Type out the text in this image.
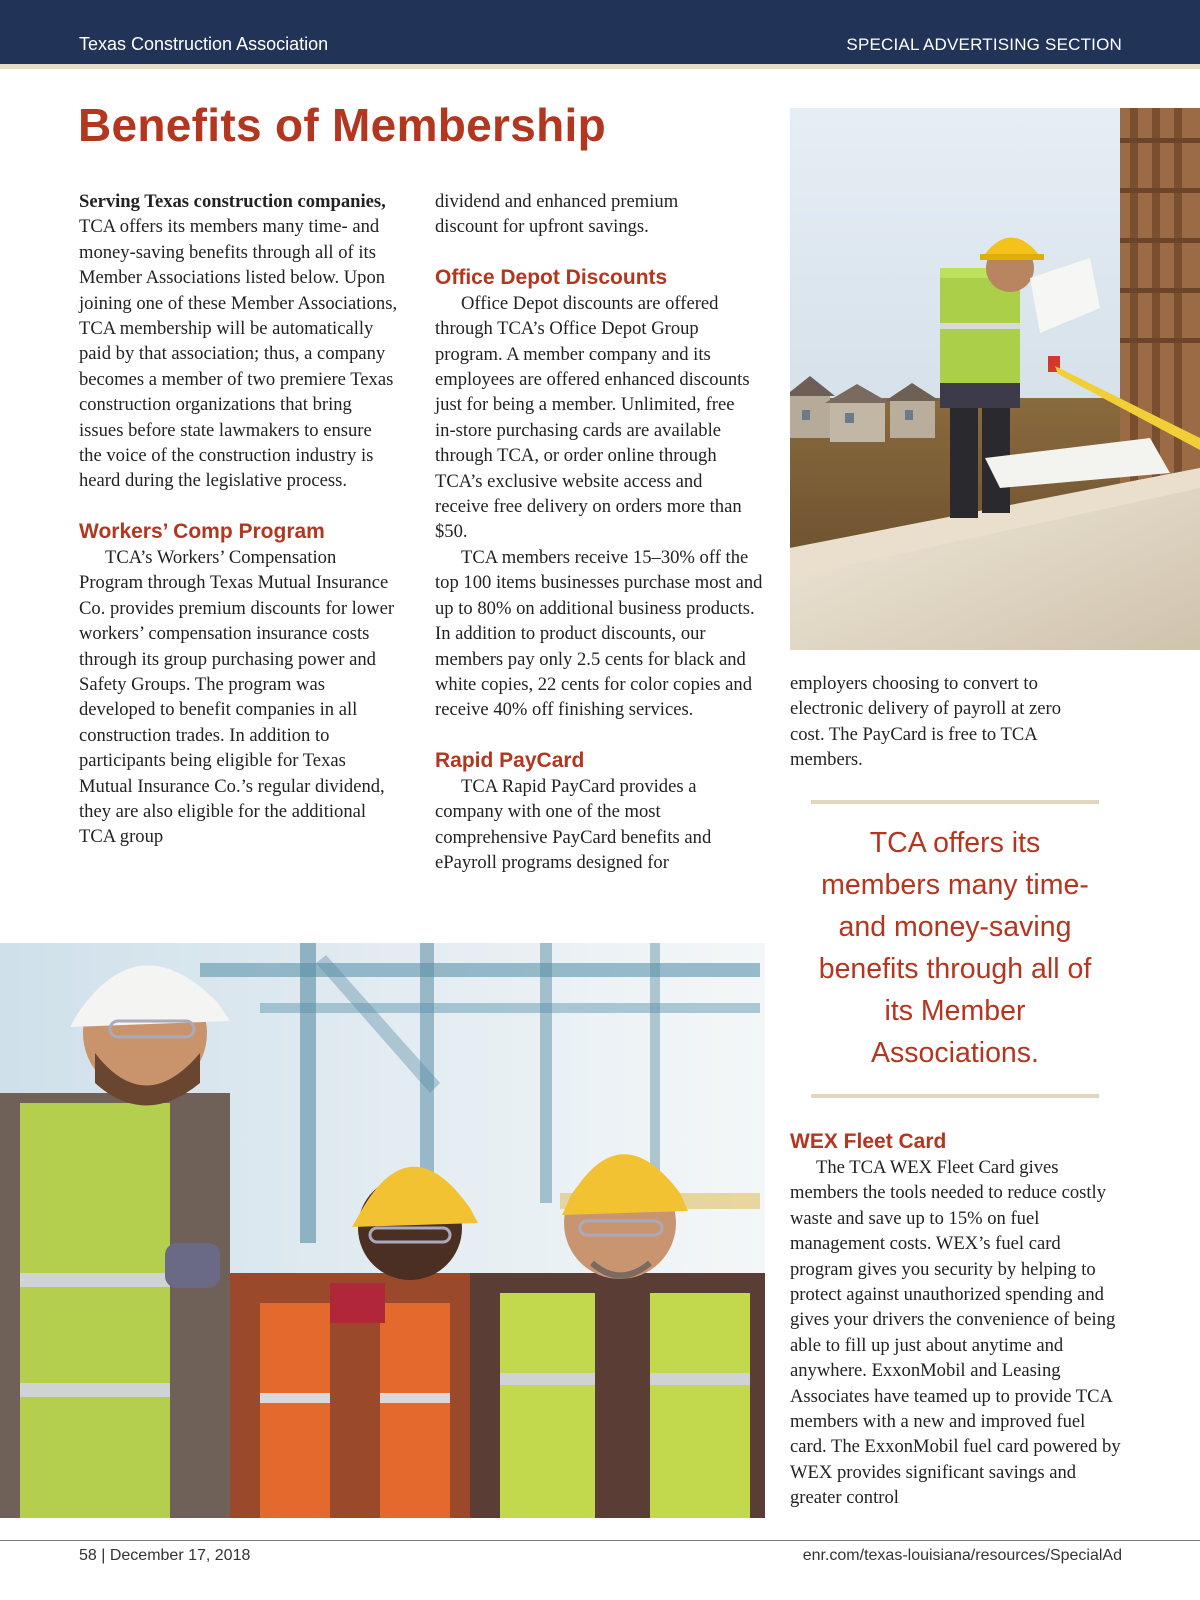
Texas Construction Association	SPECIAL ADVERTISING SECTION
Benefits of Membership

Serving Texas construction companies, TCA offers its members many time- and money-saving benefits through all of its Member Associations listed below. Upon joining one of these Member Associations, TCA membership will be automatically paid by that association; thus, a company becomes a member of two premiere Texas construction organizations that bring issues before state lawmakers to ensure the voice of the construction industry is heard during the legislative process.

Workers’ Comp Program

TCA’s Workers’ Compensation Program through Texas Mutual Insurance Co. provides premium discounts for lower workers’ compensation insurance costs through its group purchasing power and Safety Groups. The program was developed to benefit companies in all construction trades. In addition to participants being eligible for Texas Mutual Insurance Co.’s regular dividend, they are also eligible for the additional TCA group

dividend and enhanced premium discount for upfront savings.

Office Depot Discounts

Office Depot discounts are offered through TCA’s Office Depot Group program. A member company and its employees are offered enhanced discounts just for being a member. Unlimited, free in-store purchasing cards are available through TCA, or order online through TCA’s exclusive website access and receive free delivery on orders more than $50.

TCA members receive 15–30% off the top 100 items businesses purchase most and up to 80% on additional business products. In addition to product discounts, our members pay only 2.5 cents for black and white copies, 22 cents for color copies and receive 40% off finishing services.

Rapid PayCard

TCA Rapid PayCard provides a company with one of the most comprehensive PayCard benefits and ePayroll programs designed for

employers choosing to convert to electronic delivery of payroll at zero cost. The PayCard is free to TCA members.

TCA offers its members many time- and money-saving benefits through all of its Member Associations.
WEX Fleet Card

The TCA WEX Fleet Card gives members the tools needed to reduce costly waste and save up to 15% on fuel management costs. WEX’s fuel card program gives you security by helping to protect against unauthorized spending and gives your drivers the convenience of being able to fill up just about anytime and anywhere. ExxonMobil and Leasing Associates have teamed up to provide TCA members with a new and improved fuel card. The ExxonMobil fuel card powered by WEX provides significant savings and greater control

58 | December 17, 2018	enr.com/texas-louisiana/resources/SpecialAd
